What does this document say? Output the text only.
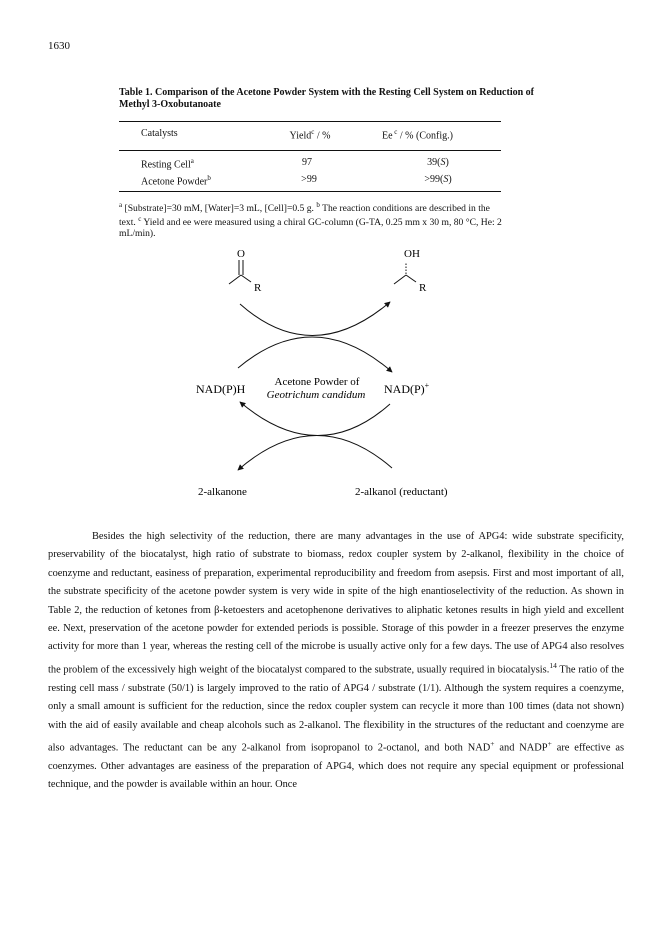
1630
Table 1. Comparison of the Acetone Powder System with the Resting Cell System on Reduction of Methyl 3-Oxobutanoate
Catalysts	Yield$^c$ / %	Ee $^c$ / % (Config.)
Resting Cell$^a$	97	39(S)
Acetone Powder$^b$	>99	>99(S)
$^a$ [Substrate]=30 mM, [Water]=3 mL, [Cell]=0.5 g. $^b$ The reaction conditions are described in the text. $^c$ Yield and ee were measured using a chiral GC-column (G-TA, 0.25 mm x 30 m, 80 °C, He: 2 mL/min).
O
R
OH
R
NAD(P)H	NAD(P)+
Acetone Powder of
Geotrichum candidum
2-alkanone	2-alkanol (reductant)

Besides the high selectivity of the reduction, there are many advantages in the use of APG4: wide substrate specificity, preservability of the biocatalyst, high ratio of substrate to biomass, redox coupler system by 2-alkanol, flexibility in the choice of coenzyme and reductant, easiness of preparation, experimental reproducibility and freedom from asepsis. First and most important of all, the substrate specificity of the acetone powder system is very wide in spite of the high enantioselectivity of the reduction. As shown in Table 2, the reduction of ketones from β-ketoesters and acetophenone derivatives to aliphatic ketones results in high yield and excellent ee. Next, preservation of the acetone powder for extended periods is possible. Storage of this powder in a freezer preserves the enzyme activity for more than 1 year, whereas the resting cell of the microbe is usually active only for a few days. The use of APG4 also resolves the problem of the excessively high weight of the biocatalyst compared to the substrate, usually required in biocatalysis.$^{14}$ The ratio of the resting cell mass / substrate (50/1) is largely improved to the ratio of APG4 / substrate (1/1). Although the system requires a coenzyme, only a small amount is sufficient for the reduction, since the redox coupler system can recycle it more than 100 times (data not shown) with the aid of easily available and cheap alcohols such as 2-alkanol. The flexibility in the structures of the reductant and coenzyme are also advantages. The reductant can be any 2-alkanol from isopropanol to 2-octanol, and both NAD+ and NADP+ are effective as coenzymes. Other advantages are easiness of the preparation of APG4, which does not require any special equipment or professional technique, and the powder is available within an hour. Once
